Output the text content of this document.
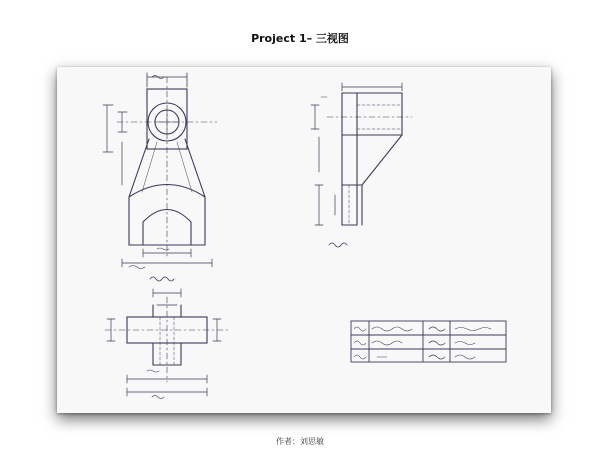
Project 1– 三视图
作者：刘思敏
